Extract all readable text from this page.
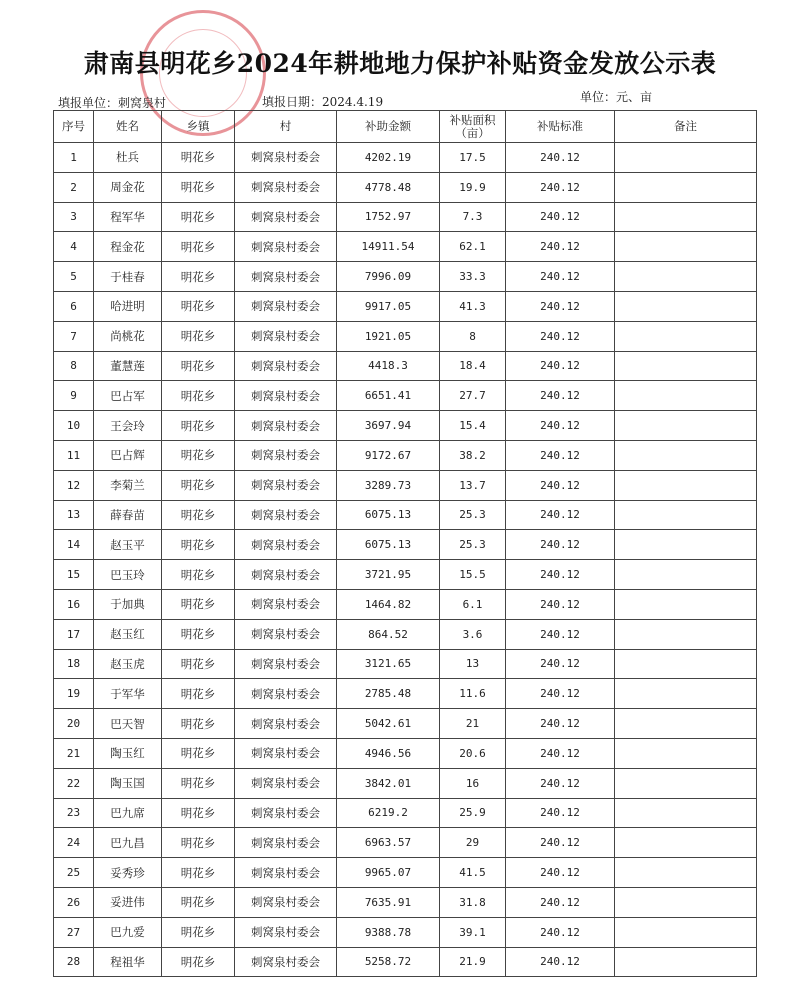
肃南县明花乡2024年耕地地力保护补贴资金发放公示表
填报单位：刺窝泉村	填报日期：2024.4.19	单位：元、亩
序号	姓名	乡镇	村	补助金额	补贴面积（亩）	补贴标准	备注
1	杜兵	明花乡	刺窝泉村委会	4202.19	17.5	240.12	
2	周金花	明花乡	刺窝泉村委会	4778.48	19.9	240.12	
3	程军华	明花乡	刺窝泉村委会	1752.97	7.3	240.12	
4	程金花	明花乡	刺窝泉村委会	14911.54	62.1	240.12	
5	于桂春	明花乡	刺窝泉村委会	7996.09	33.3	240.12	
6	哈进明	明花乡	刺窝泉村委会	9917.05	41.3	240.12	
7	尚桃花	明花乡	刺窝泉村委会	1921.05	8	240.12	
8	董慧莲	明花乡	刺窝泉村委会	4418.3	18.4	240.12	
9	巴占军	明花乡	刺窝泉村委会	6651.41	27.7	240.12	
10	王会玲	明花乡	刺窝泉村委会	3697.94	15.4	240.12	
11	巴占辉	明花乡	刺窝泉村委会	9172.67	38.2	240.12	
12	李菊兰	明花乡	刺窝泉村委会	3289.73	13.7	240.12	
13	薛春苗	明花乡	刺窝泉村委会	6075.13	25.3	240.12	
14	赵玉平	明花乡	刺窝泉村委会	6075.13	25.3	240.12	
15	巴玉玲	明花乡	刺窝泉村委会	3721.95	15.5	240.12	
16	于加典	明花乡	刺窝泉村委会	1464.82	6.1	240.12	
17	赵玉红	明花乡	刺窝泉村委会	864.52	3.6	240.12	
18	赵玉虎	明花乡	刺窝泉村委会	3121.65	13	240.12	
19	于军华	明花乡	刺窝泉村委会	2785.48	11.6	240.12	
20	巴天智	明花乡	刺窝泉村委会	5042.61	21	240.12	
21	陶玉红	明花乡	刺窝泉村委会	4946.56	20.6	240.12	
22	陶玉国	明花乡	刺窝泉村委会	3842.01	16	240.12	
23	巴九席	明花乡	刺窝泉村委会	6219.2	25.9	240.12	
24	巴九昌	明花乡	刺窝泉村委会	6963.57	29	240.12	
25	妥秀珍	明花乡	刺窝泉村委会	9965.07	41.5	240.12	
26	妥进伟	明花乡	刺窝泉村委会	7635.91	31.8	240.12	
27	巴九爱	明花乡	刺窝泉村委会	9388.78	39.1	240.12	
28	程祖华	明花乡	刺窝泉村委会	5258.72	21.9	240.12	
